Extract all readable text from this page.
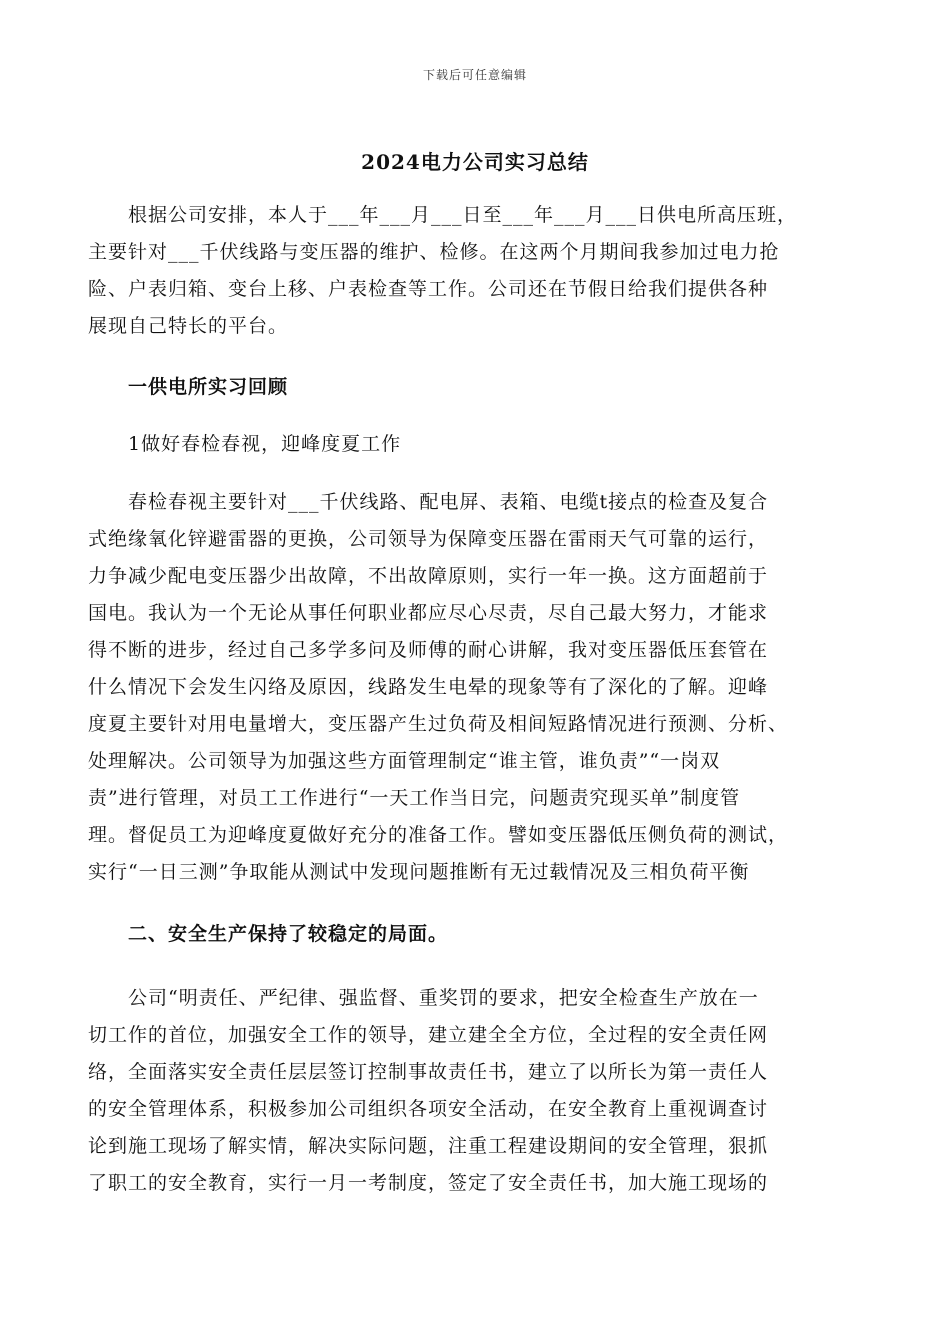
下载后可任意编辑
2024电力公司实习总结
　　根据公司安排，本人于___年___月___日至___年___月___日供电所高压班，
主要针对___千伏线路与变压器的维护、检修。在这两个月期间我参加过电力抢
险、户表归箱、变台上移、户表检查等工作。公司还在节假日给我们提供各种
展现自己特长的平台。
　　一供电所实习回顾
　　1做好春检春视，迎峰度夏工作
　　春检春视主要针对___千伏线路、配电屏、表箱、电缆t接点的检查及复合
式绝缘氧化锌避雷器的更换，公司领导为保障变压器在雷雨天气可靠的运行，
力争减少配电变压器少出故障，不出故障原则，实行一年一换。这方面超前于
国电。我认为一个无论从事任何职业都应尽心尽责，尽自己最大努力，才能求
得不断的进步，经过自己多学多问及师傅的耐心讲解，我对变压器低压套管在
什么情况下会发生闪络及原因，线路发生电晕的现象等有了深化的了解。迎峰
度夏主要针对用电量增大，变压器产生过负荷及相间短路情况进行预测、分析、
处理解决。公司领导为加强这些方面管理制定“谁主管，谁负责”“一岗双
责”进行管理，对员工工作进行“一天工作当日完，问题责究现买单”制度管
理。督促员工为迎峰度夏做好充分的准备工作。譬如变压器低压侧负荷的测试，
实行“一日三测”争取能从测试中发现问题推断有无过载情况及三相负荷平衡
　　二、安全生产保持了较稳定的局面。
　　公司“明责任、严纪律、强监督、重奖罚的要求，把安全检查生产放在一
切工作的首位，加强安全工作的领导，建立建全全方位，全过程的安全责任网
络，全面落实安全责任层层签订控制事故责任书，建立了以所长为第一责任人
的安全管理体系，积极参加公司组织各项安全活动，在安全教育上重视调查讨
论到施工现场了解实情，解决实际问题，注重工程建设期间的安全管理，狠抓
了职工的安全教育，实行一月一考制度，签定了安全责任书，加大施工现场的
